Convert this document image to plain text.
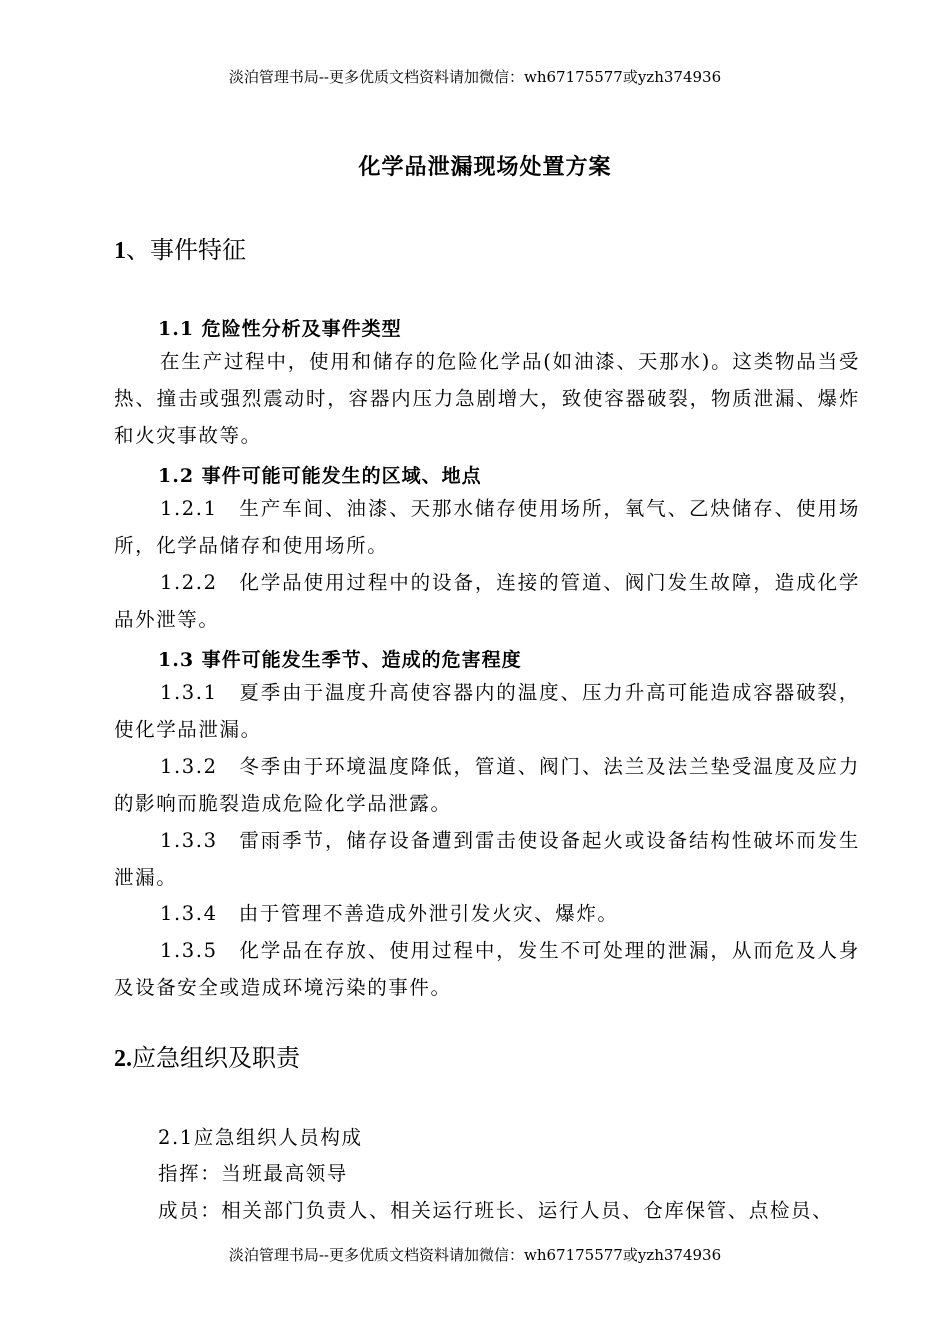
淡泊管理书局--更多优质文档资料请加微信：wh67175577或yzh374936
化学品泄漏现场处置方案
1、事件特征
1.1 危险性分析及事件类型
在生产过程中，使用和储存的危险化学品(如油漆、天那水)。这类物品当受热、撞击或强烈震动时，容器内压力急剧增大，致使容器破裂，物质泄漏、爆炸和火灾事故等。
1.2 事件可能可能发生的区域、地点
1.2.1　生产车间、油漆、天那水储存使用场所，氧气、乙炔储存、使用场所，化学品储存和使用场所。
1.2.2　化学品使用过程中的设备，连接的管道、阀门发生故障，造成化学品外泄等。
1.3 事件可能发生季节、造成的危害程度
1.3.1　夏季由于温度升高使容器内的温度、压力升高可能造成容器破裂，使化学品泄漏。
1.3.2　冬季由于环境温度降低，管道、阀门、法兰及法兰垫受温度及应力的影响而脆裂造成危险化学品泄露。
1.3.3　雷雨季节，储存设备遭到雷击使设备起火或设备结构性破坏而发生泄漏。
1.3.4　由于管理不善造成外泄引发火灾、爆炸。
1.3.5　化学品在存放、使用过程中，发生不可处理的泄漏，从而危及人身及设备安全或造成环境污染的事件。
2.应急组织及职责
2.1应急组织人员构成
指挥：当班最高领导
成员：相关部门负责人、相关运行班长、运行人员、仓库保管、点检员、
淡泊管理书局--更多优质文档资料请加微信：wh67175577或yzh374936
